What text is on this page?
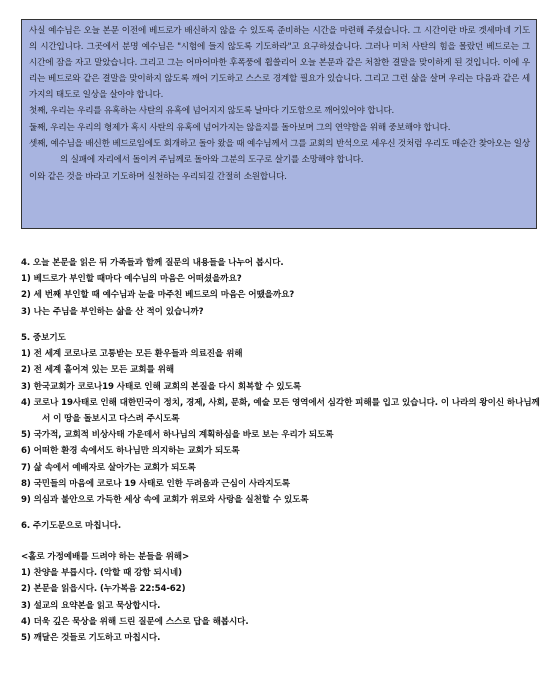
사실 예수님은 오늘 본문 이전에 베드로가 배신하지 않을 수 있도록 준비하는 시간을 마련해 주셨습니다. 그 시간이란 바로 겟세마네 기도의 시간입니다. 그곳에서 분명 예수님은 "시험에 들지 않도록 기도하라"고 요구하셨습니다. 그러나 미처 사탄의 힘을 몰랐던 베드로는 그 시간에 잠을 자고 말았습니다. 그리고 그는 어마어마한 후폭풍에 휩쓸리어 오늘 본문과 같은 처참한 결말을 맞이하게 된 것입니다. 이에 우리는 베드로와 같은 결말을 맞이하지 않도록 깨어 기도하고 스스로 경계할 필요가 있습니다. 그리고 그런 삶을 살며 우리는 다음과 같은 세 가지의 태도로 일상을 살아야 합니다.

첫째, 우리는 우리를 유혹하는 사탄의 유혹에 넘어지지 않도록 날마다 기도함으로 깨어있어야 합니다.

둘째, 우리는 우리의 형제가 혹시 사탄의 유혹에 넘어가지는 않을지를 돌아보며 그의 연약함을 위해 중보해야 합니다.

셋째, 예수님을 배신한 베드로임에도 회개하고 돌아 왔을 때 예수님께서 그를 교회의 반석으로 세우신 것처럼 우리도 매순간 찾아오는 일상의 실패에 자리에서 돌이켜 주님께로 돌아와 그분의 도구로 살기를 소망해야 합니다.

이와 같은 것을 바라고 기도하며 실천하는 우리되길 간절히 소원합니다.

4. 오늘 본문을 읽은 뒤 가족들과 함께 질문의 내용들을 나누어 봅시다.

1) 베드로가 부인할 때마다 예수님의 마음은 어떠셨을까요?

2) 세 번째 부인할 때 예수님과 눈을 마주친 베드로의 마음은 어땠을까요?

3) 나는 주님을 부인하는 삶을 산 적이 있습니까?

5. 중보기도

1) 전 세계 코로나로 고통받는 모든 환우들과 의료진을 위해

2) 전 세계 흩어져 있는 모든 교회를 위해

3) 한국교회가 코로나19 사태로 인해 교회의 본질을 다시 회복할 수 있도록

4) 코로나 19사태로 인해 대한민국이 정치, 경제, 사회, 문화, 예술 모든 영역에서 심각한 피해를 입고 있습니다. 이 나라의 왕이신 하나님께서 이 땅을 돌보시고 다스려 주시도록

5) 국가적, 교회적 비상사태 가운데서 하나님의 계획하심을 바로 보는 우리가 되도록

6) 어떠한 환경 속에서도 하나님만 의지하는 교회가 되도록

7) 삶 속에서 예배자로 살아가는 교회가 되도록

8) 국민들의 마음에 코로나 19 사태로 인한 두려움과 근심이 사라지도록

9) 의심과 불안으로 가득한 세상 속에 교회가 위로와 사랑을 실천할 수 있도록

6. 주기도문으로 마칩니다.

<홀로 가정예배를 드려야 하는 분들을 위해>

1) 찬양을 부릅시다. (악할 때 강함 되시네)

2) 본문을 읽읍시다. (누가복음 22:54-62)

3) 설교의 요약본을 읽고 묵상합시다.

4) 더욱 깊은 묵상을 위해 드린 질문에 스스로 답을 해봅시다.

5) 깨달은 것들로 기도하고 마칩시다.
